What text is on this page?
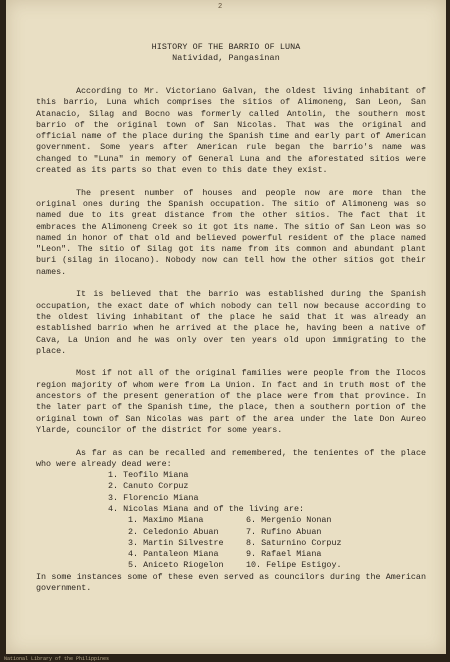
2
HISTORY OF THE BARRIO OF LUNA
Natividad, Pangasinan
According to Mr. Victoriano Galvan, the oldest living inhabitant of this barrio, Luna which comprises the sitios of Alimoneng, San Leon, San Atanacio, Silag and Bocno was formerly called Antolin, the southern most barrio of the original town of San Nicolas. That was the original and official name of the place during the Spanish time and early part of American government. Some years after American rule began the barrio's name was changed to "Luna" in memory of General Luna and the aforestated sitios were created as its parts so that even to this date they exist.
The present number of houses and people now are more than the original ones during the Spanish occupation. The sitio of Alimoneng was so named due to its great distance from the other sitios. The fact that it embraces the Alimoneng Creek so it got its name. The sitio of San Leon was so named in honor of that old and believed powerful resident of the place named "Leon". The sitio of Silag got its name from its common and abundant plant buri (silag in ilocano). Nobody now can tell how the other sitios got their names.
It is believed that the barrio was established during the Spanish occupation, the exact date of which nobody can tell now because according to the oldest living inhabitant of the place he said that it was already an established barrio when he arrived at the place he, having been a native of Cava, La Union and he was only over ten years old upon immigrating to the place.
Most if not all of the original families were people from the Ilocos region majority of whom were from La Union. In fact and in truth most of the ancestors of the present generation of the place were from that province. In the later part of the Spanish time, the place, then a southern portion of the original town of San Nicolas was part of the area under the late Don Aureo Ylarde, councilor of the district for some years.
As far as can be recalled and remembered, the tenientes of the place who were already dead were:
1. Teofilo Miana
2. Canuto Corpuz
3. Florencio Miana
4. Nicolas Miana and of the living are:
1. Maximo Miana	6. Mergenio Nonan
2. Celedonio Abuan	7. Rufino Abuan
3. Martin Silvestre	8. Saturnino Corpuz
4. Pantaleon Miana	9. Rafael Miana
5. Aniceto Riogelon	10. Felipe Estigoy.
In some instances some of these even served as councilors during the American government.
National Library of the Philippines
